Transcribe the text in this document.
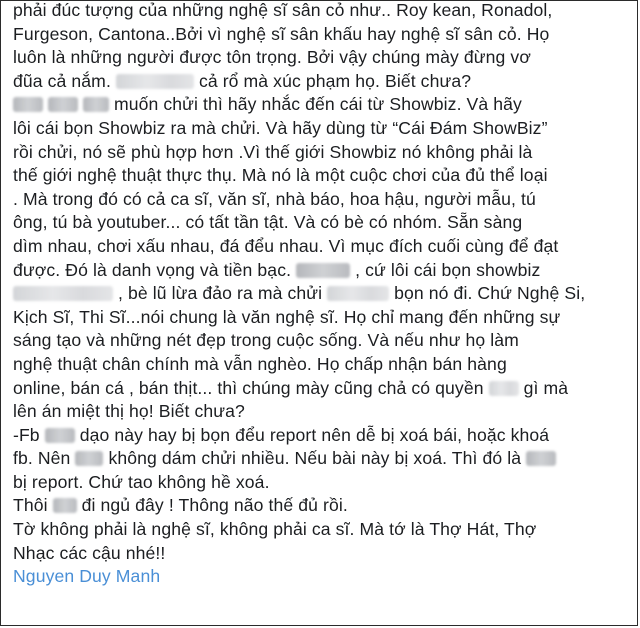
phải đúc tượng của những nghệ sĩ sân cỏ như.. Roy kean, Ronadol,
Furgeson, Cantona..Bởi vì nghệ sĩ sân khấu hay nghệ sĩ sân cỏ. Họ
luôn là những người được tôn trọng. Bởi vậy chúng mày đừng vơ
đũa cả nắm.	cả rổ mà xúc phạm họ. Biết chưa?
muốn chửi thì hãy nhắc đến cái từ Showbiz. Và hãy
lôi cái bọn Showbiz ra mà chửi. Và hãy dùng từ “Cái Đám ShowBiz”
rồi chửi, nó sẽ phù hợp hơn .Vì thế giới Showbiz nó không phải là
thế giới nghệ thuật thực thụ. Mà nó là một cuộc chơi của đủ thể loại
. Mà trong đó có cả ca sĩ, văn sĩ, nhà báo, hoa hậu, người mẫu, tú
ông, tú bà youtuber... có tất tần tật. Và có bè có nhóm. Sẵn sàng
dìm nhau, chơi xấu nhau, đá đểu nhau. Vì mục đích cuối cùng để đạt
được. Đó là danh vọng và tiền bạc.	, cứ lôi cái bọn showbiz
, bè lũ lừa đảo ra mà chửi	bọn nó đi. Chứ Nghệ Si,
Kịch Sĩ, Thi Sĩ...nói chung là văn nghệ sĩ. Họ chỉ mang đến những sự
sáng tạo và những nét đẹp trong cuộc sống. Và nếu như họ làm
nghệ thuật chân chính mà vẫn nghèo. Họ chấp nhận bán hàng
online, bán cá , bán thịt... thì chúng mày cũng chả có quyền gì mà
lên án miệt thị họ! Biết chưa?
-Fb dạo này hay bị bọn đểu report nên dễ bị xoá bái, hoặc khoá
fb. Nên không dám chửi nhiều. Nếu bài này bị xoá. Thì đó là
bị report. Chứ tao không hề xoá.
Thôi đi ngủ đây ! Thông não thế đủ rồi.
Tờ không phải là nghệ sĩ, không phải ca sĩ. Mà tớ là Thợ Hát, Thợ
Nhạc các cậu nhé!!
Nguyen Duy Manh
